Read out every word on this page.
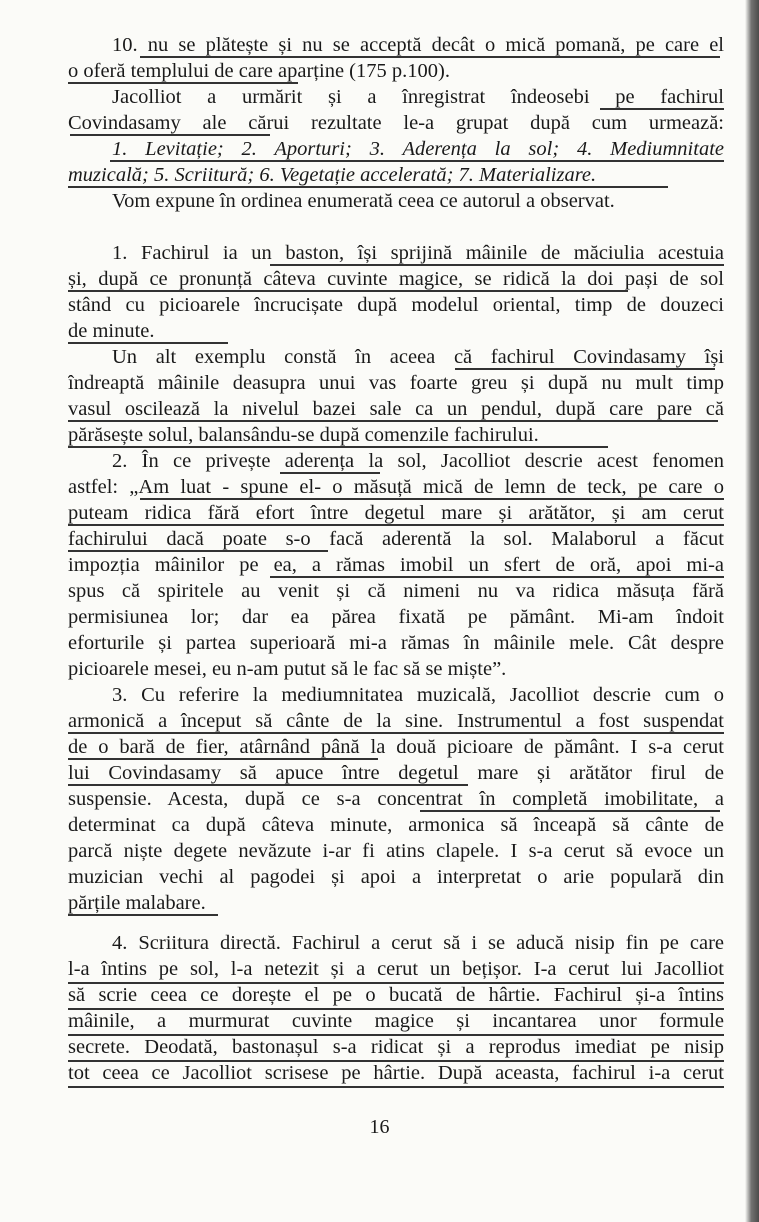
10. nu se plătește și nu se acceptă decât o mică pomană, pe care el
o oferă templului de care aparține (175 p.100).
Jacolliot a urmărit și a înregistrat îndeosebi pe fachirul
Covindasamy ale cărui rezultate le-a grupat după cum urmează:
1. Levitație; 2. Aporturi; 3. Aderența la sol; 4. Mediumnitate
muzicală; 5. Scriitură; 6. Vegetație accelerată; 7. Materializare.
Vom expune în ordinea enumerată ceea ce autorul a observat.
1. Fachirul ia un baston, își sprijină mâinile de măciulia acestuia
și, după ce pronunță câteva cuvinte magice, se ridică la doi pași de sol
stând cu picioarele încrucișate după modelul oriental, timp de douzeci
de minute.
Un alt exemplu constă în aceea că fachirul Covindasamy își
îndreaptă mâinile deasupra unui vas foarte greu și după nu mult timp
vasul oscilează la nivelul bazei sale ca un pendul, după care pare că
părăsește solul, balansându-se după comenzile fachirului.
2. În ce privește aderența la sol, Jacolliot descrie acest fenomen
astfel: „Am luat - spune el- o măsuță mică de lemn de teck, pe care o
puteam ridica fără efort între degetul mare și arătător, și am cerut
fachirului dacă poate s-o facă aderentă la sol. Malaborul a făcut
impozția mâinilor pe ea, a rămas imobil un sfert de oră, apoi mi-a
spus că spiritele au venit și că nimeni nu va ridica măsuța fără
permisiunea lor; dar ea părea fixată pe pământ. Mi-am îndoit
eforturile și partea superioară mi-a rămas în mâinile mele. Cât despre
picioarele mesei, eu n-am putut să le fac să se miște”.
3. Cu referire la mediumnitatea muzicală, Jacolliot descrie cum o
armonică a început să cânte de la sine. Instrumentul a fost suspendat
de o bară de fier, atârnând până la două picioare de pământ. I s-a cerut
lui Covindasamy să apuce între degetul mare și arătător firul de
suspensie. Acesta, după ce s-a concentrat în completă imobilitate, a
determinat ca după câteva minute, armonica să înceapă să cânte de
parcă niște degete nevăzute i-ar fi atins clapele. I s-a cerut să evoce un
muzician vechi al pagodei și apoi a interpretat o arie populară din
părțile malabare.
4. Scriitura directă. Fachirul a cerut să i se aducă nisip fin pe care
l-a întins pe sol, l-a netezit și a cerut un bețișor. I-a cerut lui Jacolliot
să scrie ceea ce dorește el pe o bucată de hârtie. Fachirul și-a întins
mâinile, a murmurat cuvinte magice și incantarea unor formule
secrete. Deodată, bastonașul s-a ridicat și a reprodus imediat pe nisip
tot ceea ce Jacolliot scrisese pe hârtie. După aceasta, fachirul i-a cerut
16
